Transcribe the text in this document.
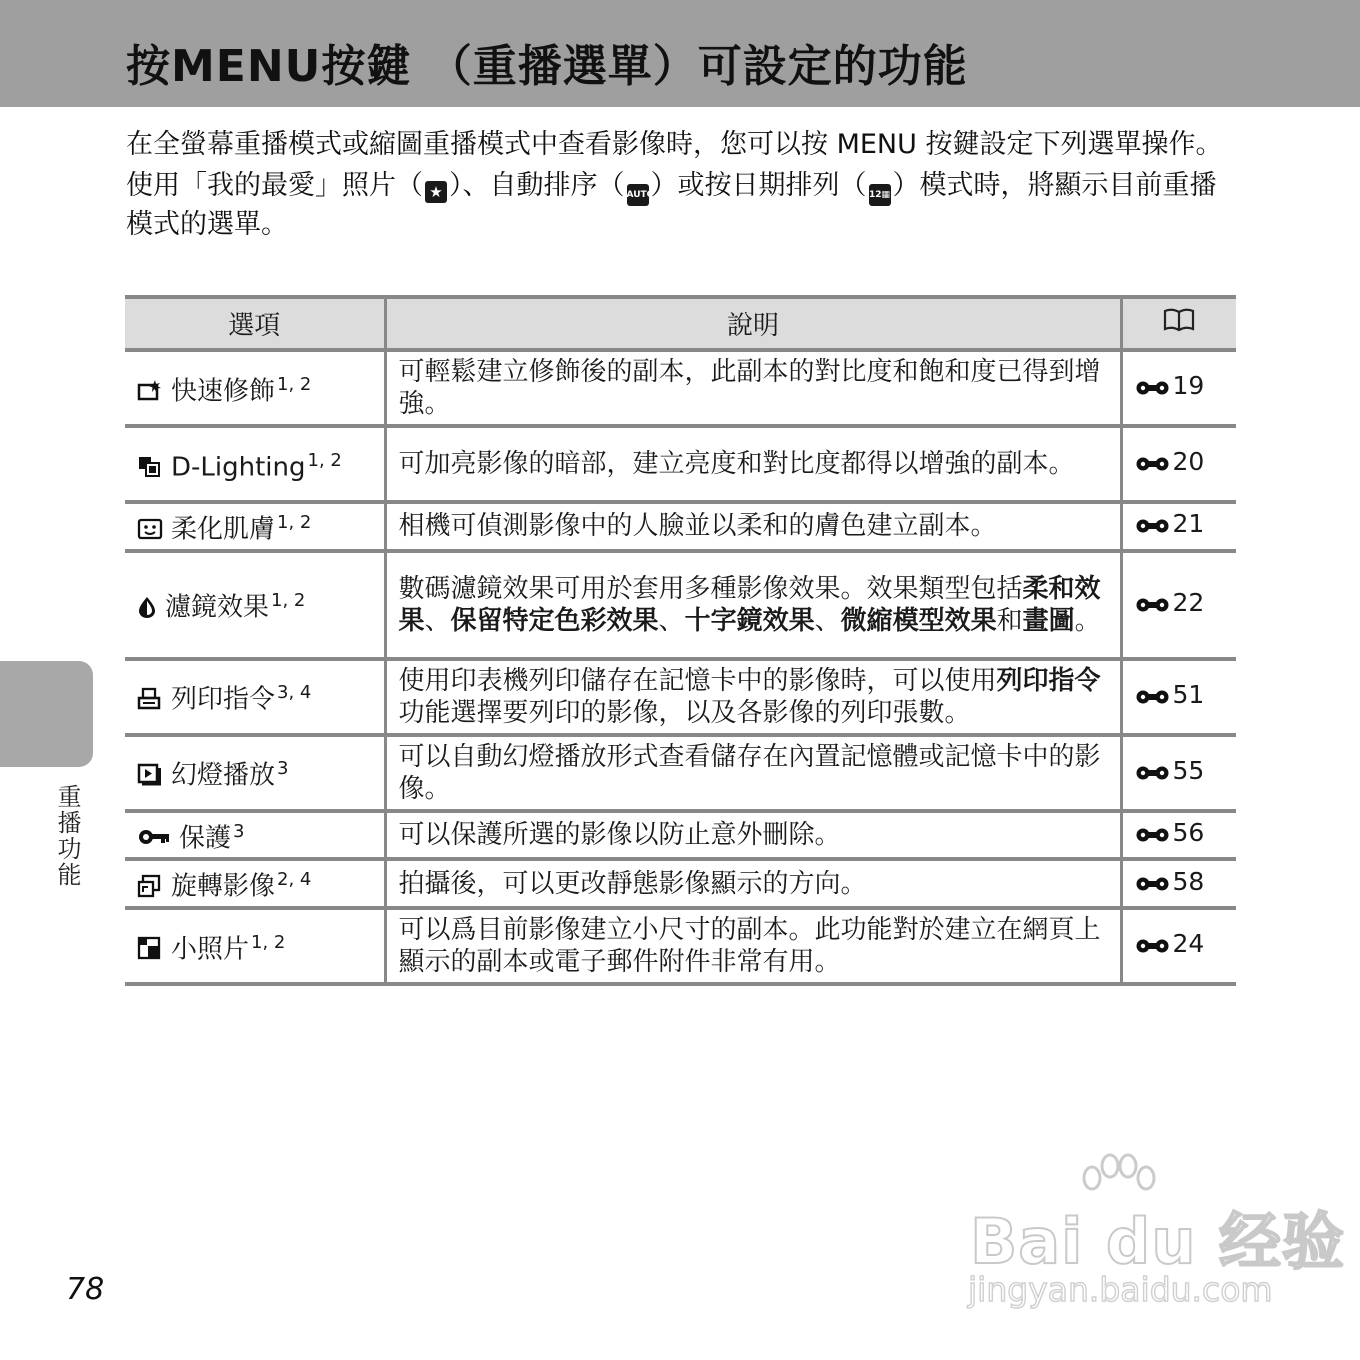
按MENU按鍵 （重播選單）可設定的功能

在全螢幕重播模式或縮圖重播模式中查看影像時，您可以按 MENU 按鍵設定下列選單操作。

使用「我的最愛」照片（ ★ ）、自動排序（ AUTO）或按日期排列（ 12▦）模式時，將顯示目前重播模式的選單。

選項	說明	
快速修飾 $^{1, 2}$	可輕鬆建立修飾後的副本，此副本的對比度和飽和度已得到增強。	19
D-Lighting $^{1, 2}$	可加亮影像的暗部，建立亮度和對比度都得以增強的副本。	20
柔化肌膚 $^{1, 2}$	相機可偵測影像中的人臉並以柔和的膚色建立副本。	21
濾鏡效果 $^{1, 2}$	數碼濾鏡效果可用於套用多種影像效果。效果類型包括柔和效果、保留特定色彩效果、十字鏡效果、微縮模型效果和畫圖。	22
列印指令 $^{3, 4}$	使用印表機列印儲存在記憶卡中的影像時，可以使用列印指令功能選擇要列印的影像，以及各影像的列印張數。	51
幻燈播放 $^3$	可以自動幻燈播放形式查看儲存在內置記憶體或記憶卡中的影像。	55
保護 $^3$	可以保護所選的影像以防止意外刪除。	56
旋轉影像 $^{2, 4}$	拍攝後，可以更改靜態影像顯示的方向。	58
小照片 $^{1, 2}$	可以爲目前影像建立小尺寸的副本。此功能對於建立在網頁上顯示的副本或電子郵件附件非常有用。	24
重播功能
78
Bai du 经验
jingyan.baidu.com
